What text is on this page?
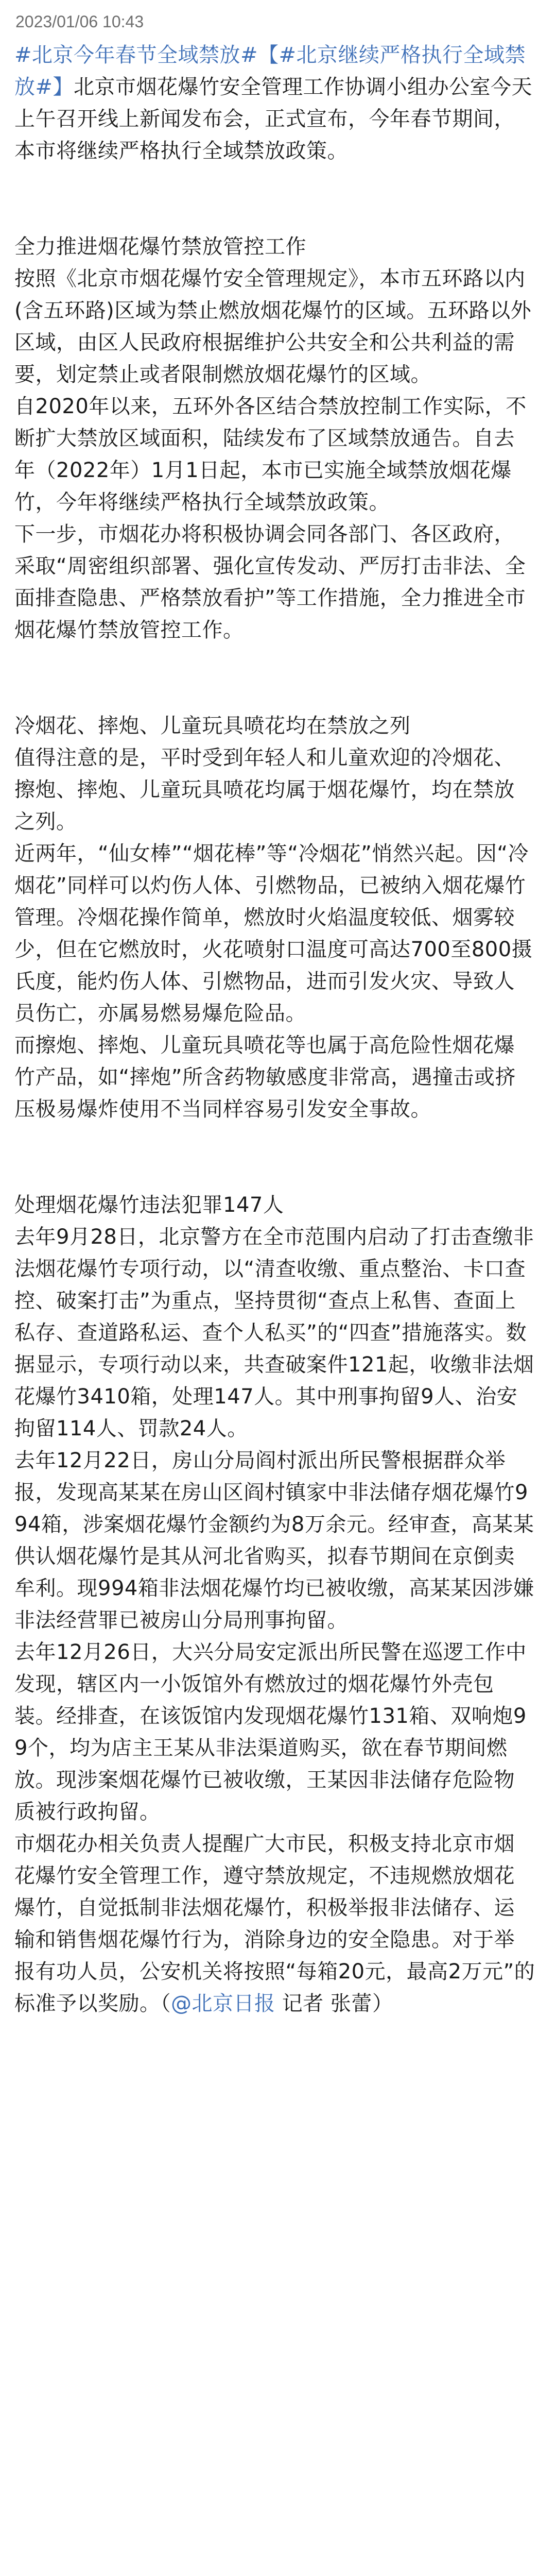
2023/01/06 10:43

#北京今年春节全域禁放#【#北京继续严格执行全域禁放#】北京市烟花爆竹安全管理工作协调小组办公室今天上午召开线上新闻发布会，正式宣布，今年春节期间，本市将继续严格执行全域禁放政策。

全力推进烟花爆竹禁放管控工作

按照《北京市烟花爆竹安全管理规定》，本市五环路以内(含五环路)区域为禁止燃放烟花爆竹的区域。五环路以外区域，由区人民政府根据维护公共安全和公共利益的需要，划定禁止或者限制燃放烟花爆竹的区域。

自2020年以来，五环外各区结合禁放控制工作实际，不断扩大禁放区域面积，陆续发布了区域禁放通告。自去年（2022年）1月1日起，本市已实施全域禁放烟花爆竹，今年将继续严格执行全域禁放政策。

下一步，市烟花办将积极协调会同各部门、各区政府，采取“周密组织部署、强化宣传发动、严厉打击非法、全面排查隐患、严格禁放看护”等工作措施，全力推进全市烟花爆竹禁放管控工作。

冷烟花、摔炮、儿童玩具喷花均在禁放之列

值得注意的是，平时受到年轻人和儿童欢迎的冷烟花、擦炮、摔炮、儿童玩具喷花均属于烟花爆竹，均在禁放之列。

近两年，“仙女棒”“烟花棒”等“冷烟花”悄然兴起。因“冷烟花”同样可以灼伤人体、引燃物品，已被纳入烟花爆竹管理。冷烟花操作简单，燃放时火焰温度较低、烟雾较少，但在它燃放时，火花喷射口温度可高达700至800摄氏度，能灼伤人体、引燃物品，进而引发火灾、导致人员伤亡，亦属易燃易爆危险品。

而擦炮、摔炮、儿童玩具喷花等也属于高危险性烟花爆竹产品，如“摔炮”所含药物敏感度非常高，遇撞击或挤压极易爆炸使用不当同样容易引发安全事故。

处理烟花爆竹违法犯罪147人

去年9月28日，北京警方在全市范围内启动了打击查缴非法烟花爆竹专项行动，以“清查收缴、重点整治、卡口查控、破案打击”为重点，坚持贯彻“查点上私售、查面上私存、查道路私运、查个人私买”的“四查”措施落实。数据显示，专项行动以来，共查破案件121起，收缴非法烟花爆竹3410箱，处理147人。其中刑事拘留9人、治安拘留114人、罚款24人。

去年12月22日，房山分局阎村派出所民警根据群众举报，发现高某某在房山区阎村镇家中非法储存烟花爆竹994箱，涉案烟花爆竹金额约为8万余元。经审查，高某某供认烟花爆竹是其从河北省购买，拟春节期间在京倒卖牟利。现994箱非法烟花爆竹均已被收缴，高某某因涉嫌非法经营罪已被房山分局刑事拘留。

去年12月26日，大兴分局安定派出所民警在巡逻工作中发现，辖区内一小饭馆外有燃放过的烟花爆竹外壳包装。经排查，在该饭馆内发现烟花爆竹131箱、双响炮99个，均为店主王某从非法渠道购买，欲在春节期间燃放。现涉案烟花爆竹已被收缴，王某因非法储存危险物质被行政拘留。

市烟花办相关负责人提醒广大市民，积极支持北京市烟花爆竹安全管理工作，遵守禁放规定，不违规燃放烟花爆竹，自觉抵制非法烟花爆竹，积极举报非法储存、运输和销售烟花爆竹行为，消除身边的安全隐患。对于举报有功人员，公安机关将按照“每箱20元，最高2万元”的标准予以奖励。（@北京日报 记者 张蕾）
